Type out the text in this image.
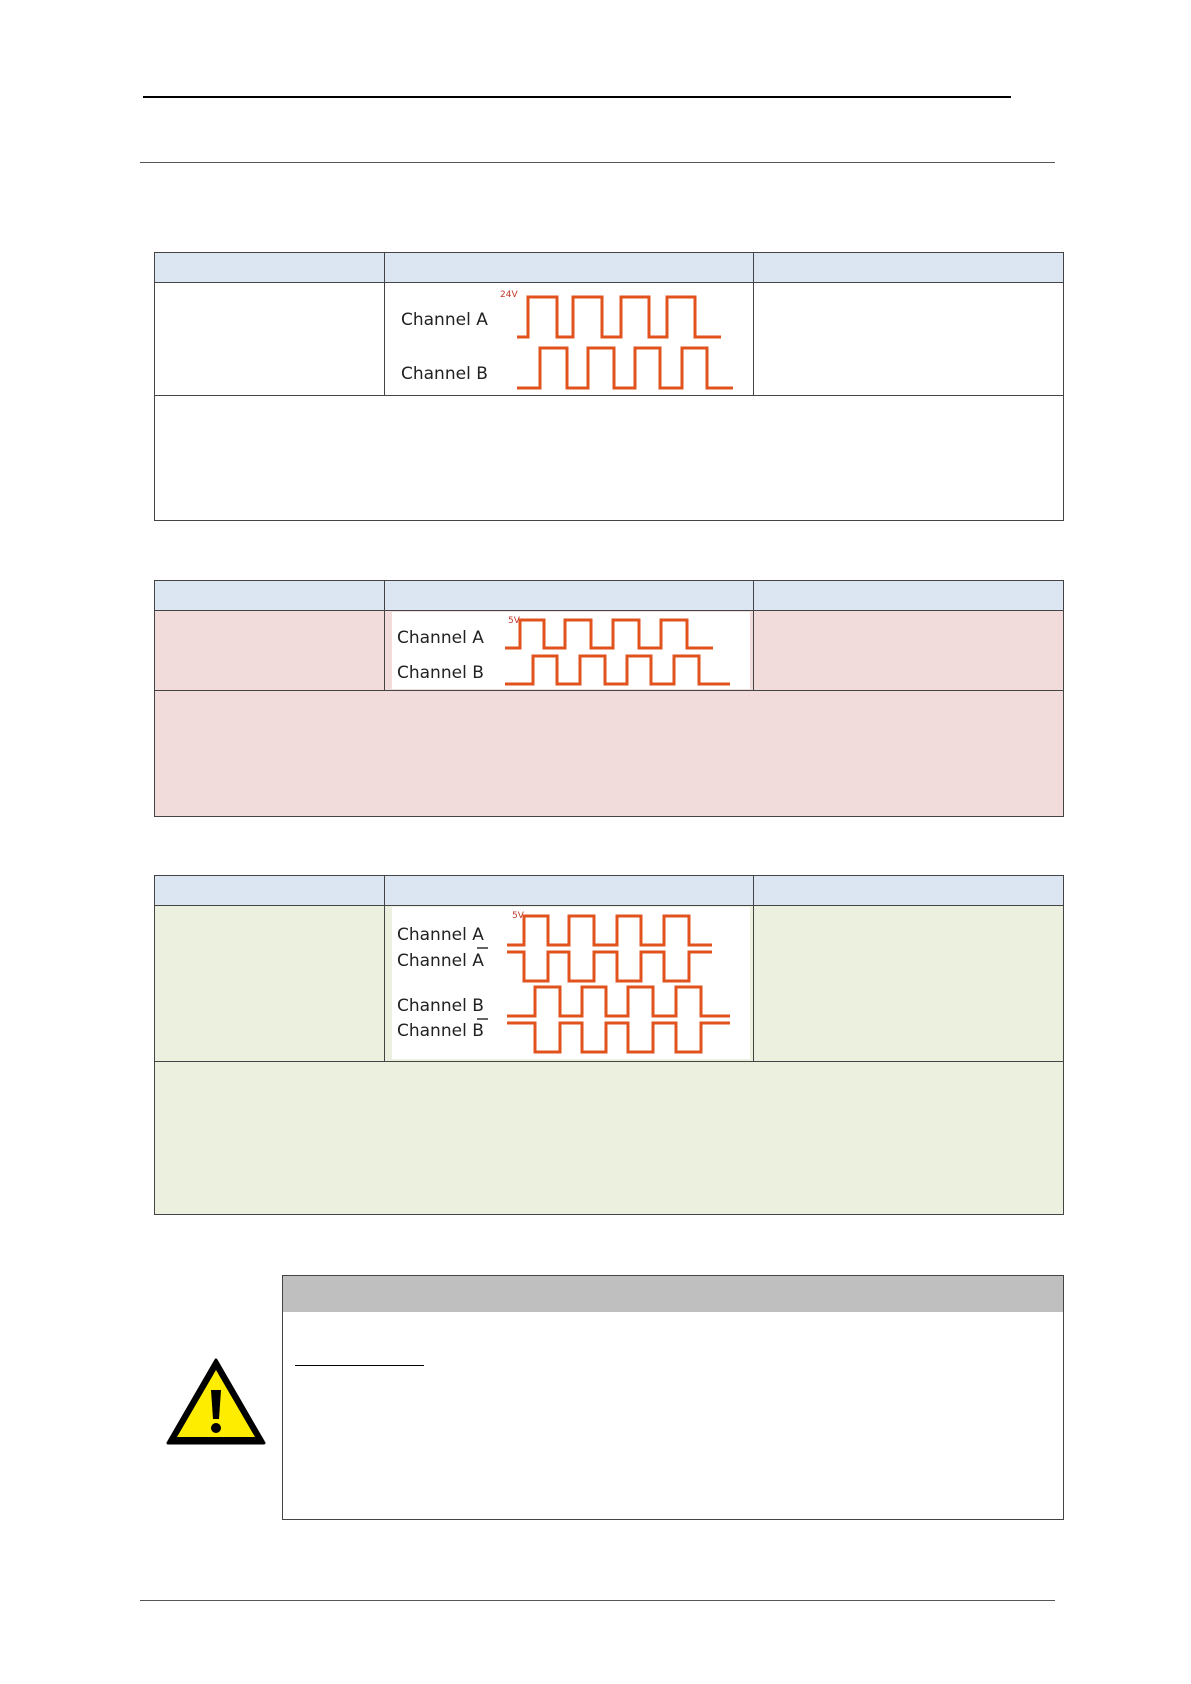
24V
Channel A
Channel B
5V
Channel A
Channel B
5V
Channel A
Channel A
Channel B
Channel B
